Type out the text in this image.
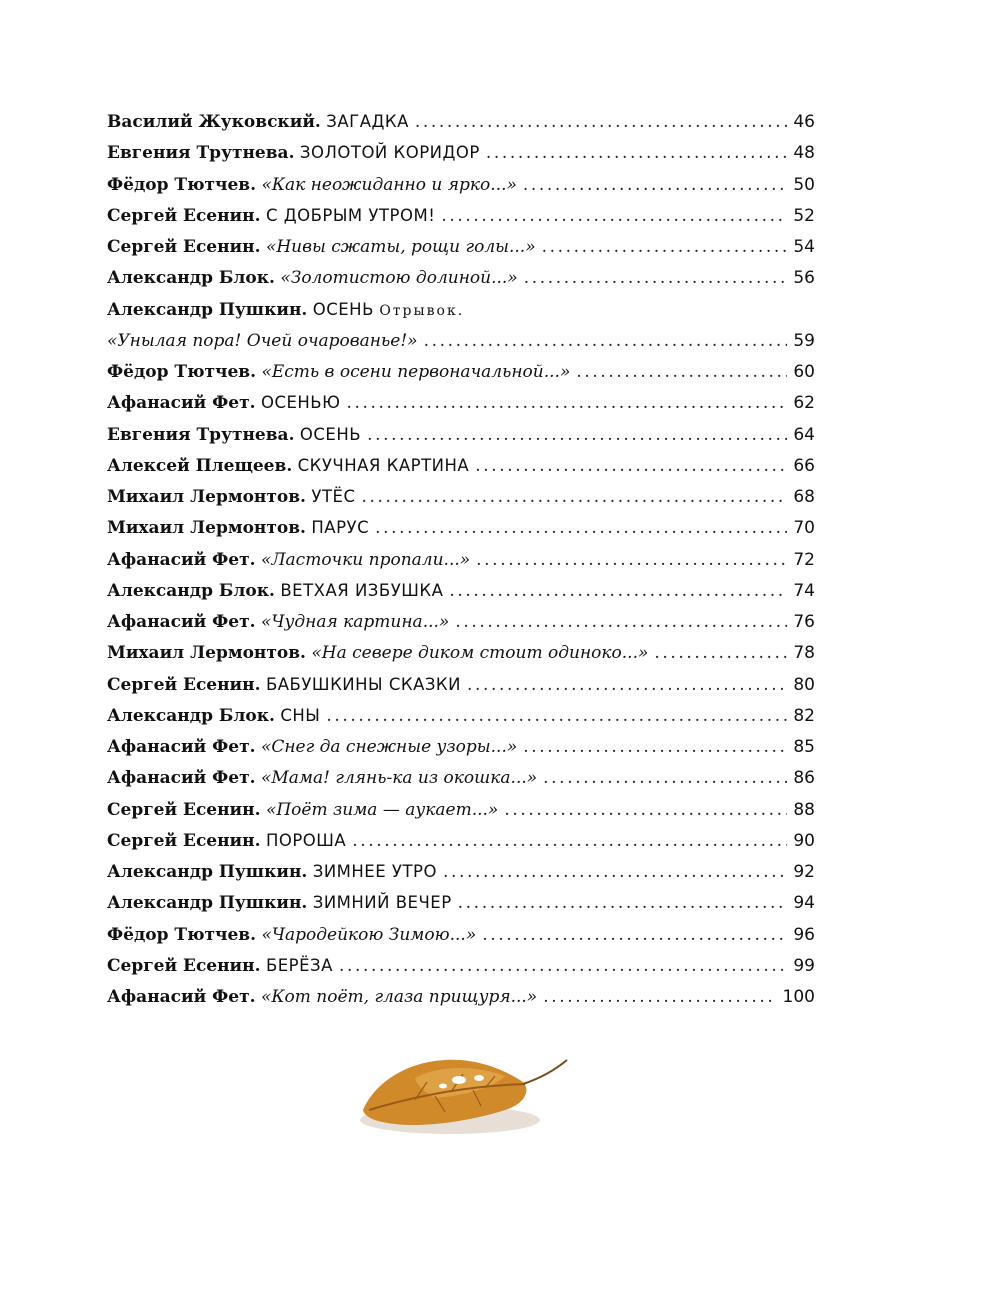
Василий Жуковский.
ЗАГАДКА . . .	46
Евгения Трутнева.
ЗОЛОТОЙ КОРИДОР . . .	48
Фёдор Тютчев.
«Как неожиданно и ярко...» . . .	50
Сергей Есенин.
С ДОБРЫМ УТРОМ! . . .	52
Сергей Есенин.
«Нивы сжаты, рощи голы...» . . .	54
Александр Блок.
«Золотистою долиной...» . . .	56
Александр Пушкин.
ОСЕНЬ
Отрывок.
«Унылая пора! Очей очарованье!» . . .	59
Фёдор Тютчев.
«Есть в осени первоначальной...» . . .	60
Афанасий Фет.
ОСЕНЬЮ . . .	62
Евгения Трутнева.
ОСЕНЬ . . .	64
Алексей Плещеев.
СКУЧНАЯ КАРТИНА . . .	66
Михаил Лермонтов.
УТЁС . . .	68
Михаил Лермонтов.
ПАРУС . . .	70
Афанасий Фет.
«Ласточки пропали...» . . .	72
Александр Блок.
ВЕТХАЯ ИЗБУШКА . . .	74
Афанасий Фет.
«Чудная картина...» . . .	76
Михаил Лермонтов.
«На севере диком стоит одиноко...» . . .	78
Сергей Есенин.
БАБУШКИНЫ СКАЗКИ . . .	80
Александр Блок.
СНЫ . . .	82
Афанасий Фет.
«Снег да снежные узоры...» . . .	85
Афанасий Фет.
«Мама! глянь-ка из окошка...» . . .	86
Сергей Есенин.
«Поёт зима — аукает...» . . .	88
Сергей Есенин.
ПОРОША . . .	90
Александр Пушкин.
ЗИМНЕЕ УТРО . . .	92
Александр Пушкин.
ЗИМНИЙ ВЕЧЕР . . .	94
Фёдор Тютчев.
«Чародейкою Зимою...» . . .	96
Сергей Есенин.
БЕРЁЗА . . .	99
Афанасий Фет.
«Кот поёт, глаза прищуря...» . . .	100
